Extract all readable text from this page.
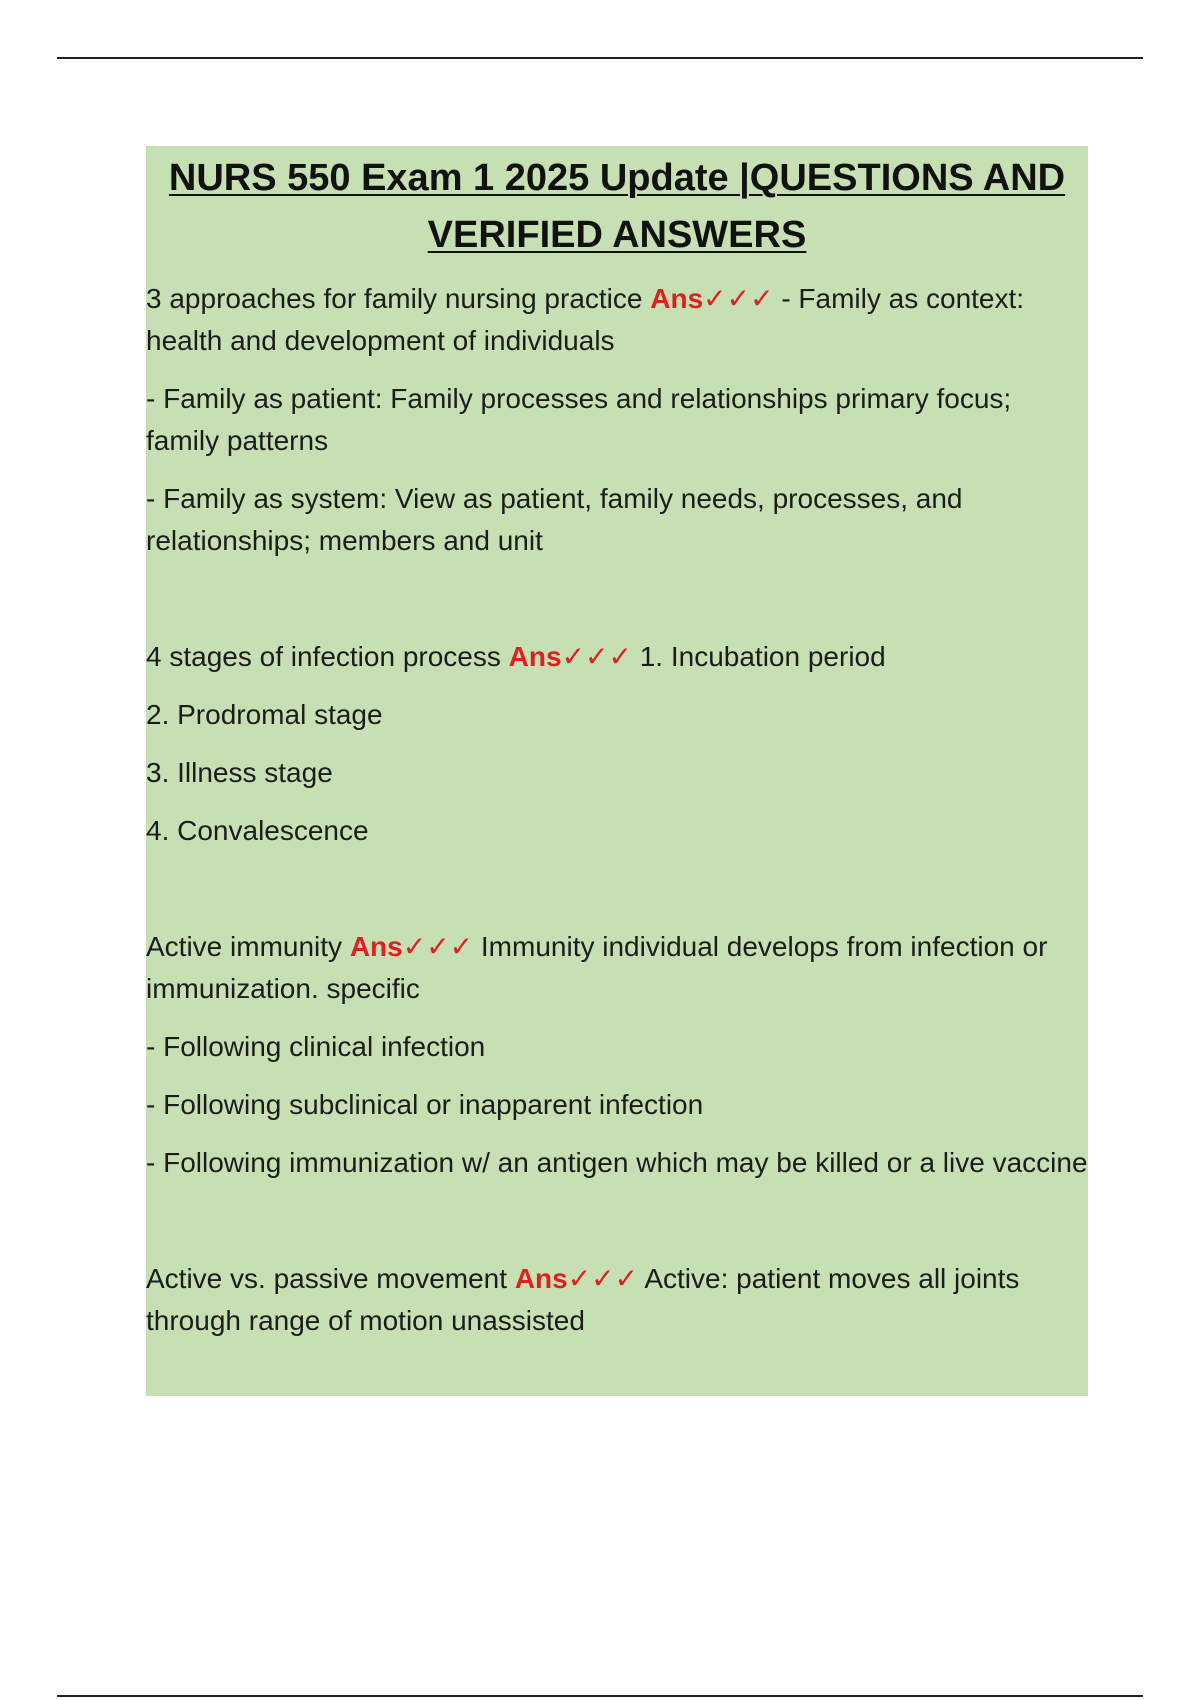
NURS 550 Exam 1 2025 Update |QUESTIONS AND
VERIFIED ANSWERS

3 approaches for family nursing practice Ans✓✓✓ - Family as context: health and development of individuals

- Family as patient: Family processes and relationships primary focus; family patterns

- Family as system: View as patient, family needs, processes, and relationships; members and unit

4 stages of infection process Ans✓✓✓ 1. Incubation period

2. Prodromal stage

3. Illness stage

4. Convalescence

Active immunity Ans✓✓✓ Immunity individual develops from infection or immunization. specific

- Following clinical infection

- Following subclinical or inapparent infection

- Following immunization w/ an antigen which may be killed or a live vaccine

Active vs. passive movement Ans✓✓✓ Active: patient moves all joints through range of motion unassisted
